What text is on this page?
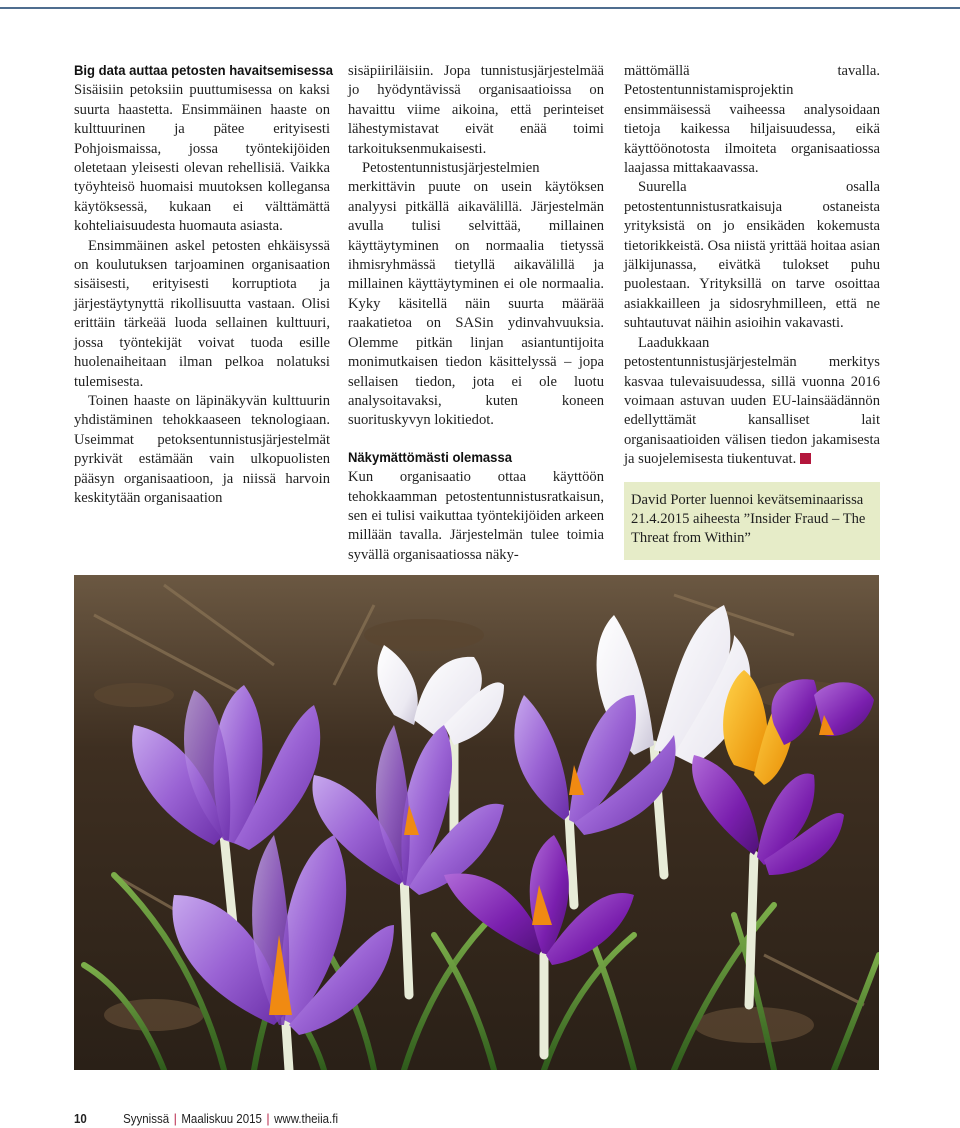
Big data auttaa petosten havaitsemisessa

Sisäisiin petoksiin puuttumisessa on kaksi suurta haastetta. Ensimmäinen haaste on kulttuurinen ja pätee erityisesti Pohjoismaissa, jossa työntekijöiden oletetaan yleisesti olevan rehellisiä. Vaikka työyhteisö huomaisi muutoksen kollegansa käytöksessä, kukaan ei välttämättä kohteliaisuudesta huomauta asiasta.

Ensimmäinen askel petosten ehkäisyssä on koulutuksen tarjoaminen organisaation sisäisesti, erityisesti korruptiota ja järjestäytynyttä rikollisuutta vastaan. Olisi erittäin tärkeää luoda sellainen kulttuuri, jossa työntekijät voivat tuoda esille huolenaiheitaan ilman pelkoa nolatuksi tulemisesta.

Toinen haaste on läpinäkyvän kulttuurin yhdistäminen tehokkaaseen teknologiaan. Useimmat petoksentunnistusjärjestelmät pyrkivät estämään vain ulkopuolisten pääsyn organisaatioon, ja niissä harvoin keskitytään organisaation

sisäpiiriläisiin. Jopa tunnistusjärjestelmää jo hyödyntävissä organisaatioissa on havaittu viime aikoina, että perinteiset lähestymistavat eivät enää toimi tarkoituksenmukaisesti.

Petostentunnistusjärjestelmien merkittävin puute on usein käytöksen analyysi pitkällä aikavälillä. Järjestelmän avulla tulisi selvittää, millainen käyttäytyminen on normaalia tietyssä ihmisryhmässä tietyllä aikavälillä ja millainen käyttäytyminen ei ole normaalia. Kyky käsitellä näin suurta määrää raakatietoa on SASin ydinvahvuuksia. Olemme pitkän linjan asiantuntijoita monimutkaisen tiedon käsittelyssä – jopa sellaisen tiedon, jota ei ole luotu analysoitavaksi, kuten koneen suorituskyvyn lokitiedot.

Näkymättömästi olemassa

Kun organisaatio ottaa käyttöön tehokkaamman petostentunnistusratkaisun, sen ei tulisi vaikuttaa työntekijöiden arkeen millään tavalla. Järjestelmän tulee toimia syvällä organisaatiossa näky-

mättömällä tavalla. Petostentunnistamisprojektin ensimmäisessä vaiheessa analysoidaan tietoja kaikessa hiljaisuudessa, eikä käyttöönotosta ilmoiteta organisaatiossa laajassa mittakaavassa.

Suurella osalla petostentunnistusratkaisuja ostaneista yrityksistä on jo ensikäden kokemusta tietorikkeistä. Osa niistä yrittää hoitaa asian jälkijunassa, eivätkä tulokset puhu puolestaan. Yrityksillä on tarve osoittaa asiakkailleen ja sidosryhmilleen, että ne suhtautuvat näihin asioihin vakavasti.

Laadukkaan petostentunnistusjärjestelmän merkitys kasvaa tulevaisuudessa, sillä vuonna 2016 voimaan astuvan uuden EU-lainsäädännön edellyttämät kansalliset lait organisaatioiden välisen tiedon jakamisesta ja suojelemisesta tiukentuvat.

David Porter luennoi kevätseminaarissa 21.4.2015 aiheesta ”Insider Fraud – The Threat from Within”
10	Syynissä | Maaliskuu 2015 | www.theiia.fi
